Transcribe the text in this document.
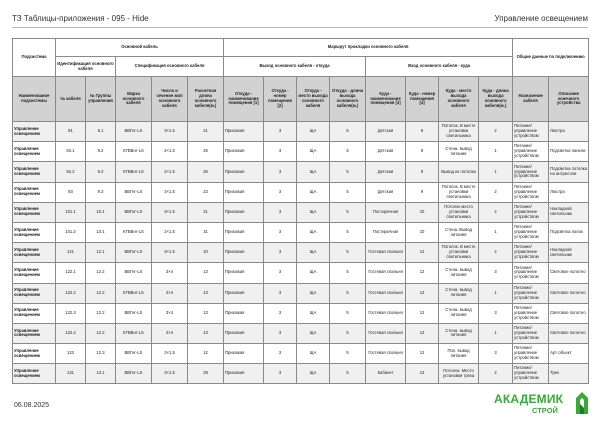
ТЗ Таблицы-приложения - 095 - Hide	Управление освещением
Подсистема	Основной кабель					Маршрут прокладки основного кабеля								Общие данные по подключению	
	Идентификация основного кабеля		Спецификация основного кабеля			Выход основного кабеля - откуда				Вход основного кабеля - куда					
Наименование подсистемы	№ кабеля	№ Группы управления	Марка основного кабеля	Число и сечение жил основного кабеля	Расчетная длина основного кабеля(м.)	Откуда - наименование помещения [1]	Откуда - номер помещения [2]	Откуда - место выхода основного кабеля	Откуда - длина выхода основного кабеля(м.)	Куда - наименование помещения [3]	Куда - номер помещения [4]	Куда - место выхода основного кабеля	Куда - длина выхода основного кабеля(м.)	Назначение кабеля	Описание конечного устройства
Управление освещением	91	9.1	ВВГнг-LS	3×1.5	21	Прихожая	3	ЩА	5	Детская	9	Потолок. В месте установки светильника	2	Питание/управление устройством	Люстра
Управление освещением	92.1	9.2	КГВВнг-LS	2×1.5	25	Прихожая	3	ЩА	5	Детская	9	Стена. вывод питания	1	Питание/управление устройством	Подсветка панели
Управление освещением	92.2	9.2	КГВВнг-LS	2×1.5	26	Прихожая	3	ЩА	5	Детская	9	Вывод из потолка	1	Питание/управление устройством	Подсветка потолка на антресоли
Управление освещением	93	9.3	ВВГнг-LS	3×1.5	23	Прихожая	3	ЩА	5	Детская	9	Потолок. В месте установки светильника	2	Питание/управление устройством	Люстра
Управление освещением	101.1	10.1	ВВГнг-LS	3×1.5	31	Прихожая	3	ЩА	5	Постирочная	10	Потолок место установки светильника	2	Питание/управление устройством	Накладной светильник
Управление освещением	101.2	10.1	КГВВнг-LS	2×1.5	31	Прихожая	3	ЩА	5	Постирочная	10	Стена. Вывод питания	1	Питание/управление устройством	Подсветка полок
Управление освещением	121	12.1	ВВГнг-LS	3×1.5	10	Прихожая	3	ЩА	5	Гостевая спальня	12	Потолок. В месте установки светильника	2	Питание/управление устройством	Накладной светильник
Управление освещением	122.1	12.2	ВВГнг-LS	3×4	13	Прихожая	3	ЩА	5	Гостевая спальня	12	Стена. вывод питания	3	Питание/управление устройством	Световое полотно
Управление освещением	122.2	12.2	КГВВнг-LS	2×4	13	Прихожая	3	ЩА	5	Гостевая спальня	12	Стена. вывод питания	1	Питание/управление устройством	Световое полотно
Управление освещением	122.3	12.2	ВВГнг-LS	3×4	13	Прихожая	3	ЩА	5	Гостевая спальня	12	Стена. вывод питания	3	Питание/управление устройством	Световое полотно
Управление освещением	122.4	12.2	КГВВнг-LS	2×4	13	Прихожая	3	ЩА	5	Гостевая спальня	12	Стена. вывод питания	1	Питание/управление устройством	Световое полотно
Управление освещением	123	12.3	ВВГнг-LS	3×1.5	12	Прихожая	3	ЩА	5	Гостевая спальня	12	Пол. вывод питания	3	Питание/управление устройством	Арт объект
Управление освещением	131	13.1	ВВГнг-LS	3×1.5	29	Прихожая	3	ЩА	5	Кабинет	13	Потолок. Место установки трека	2	Питание/управление устройством	Трек
06.08.2025	АКАДЕМИК
СТРОЙ
